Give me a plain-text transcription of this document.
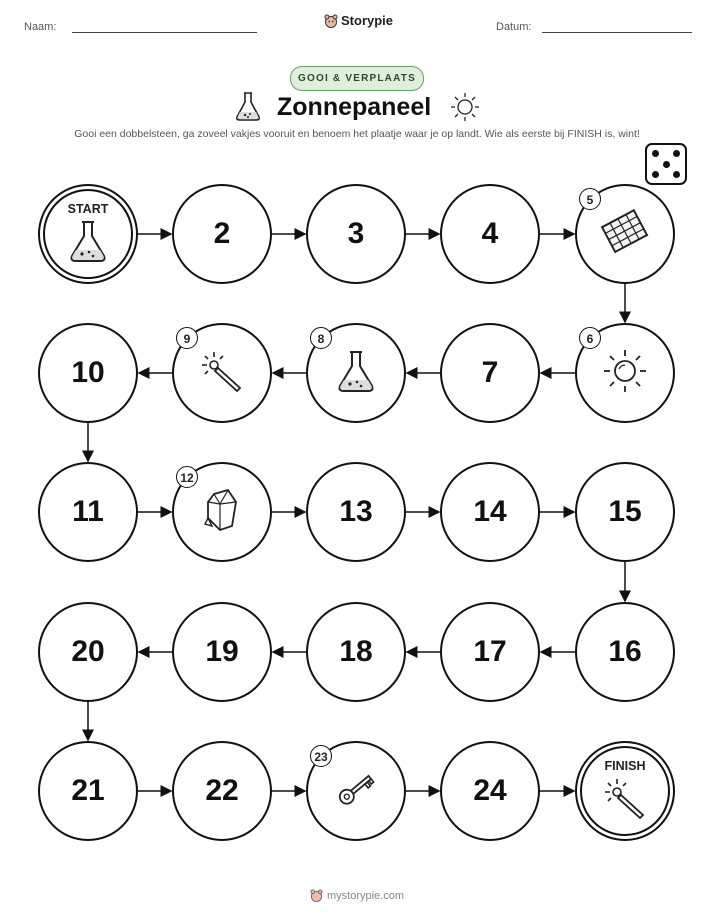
Naam:	Storypie	Datum:
GOOI & VERPLAATS
Zonnepaneel
Gooi een dobbelsteen, ga zoveel vakjes vooruit en benoem het plaatje waar je op landt. Wie als eerste bij FINISH is, wint!
START
2	3	4
5
6
7
8
9
10
11
12
13	14	15
16
17
18
19
20
21	22
23
24
FINISH
mystorypie.com
